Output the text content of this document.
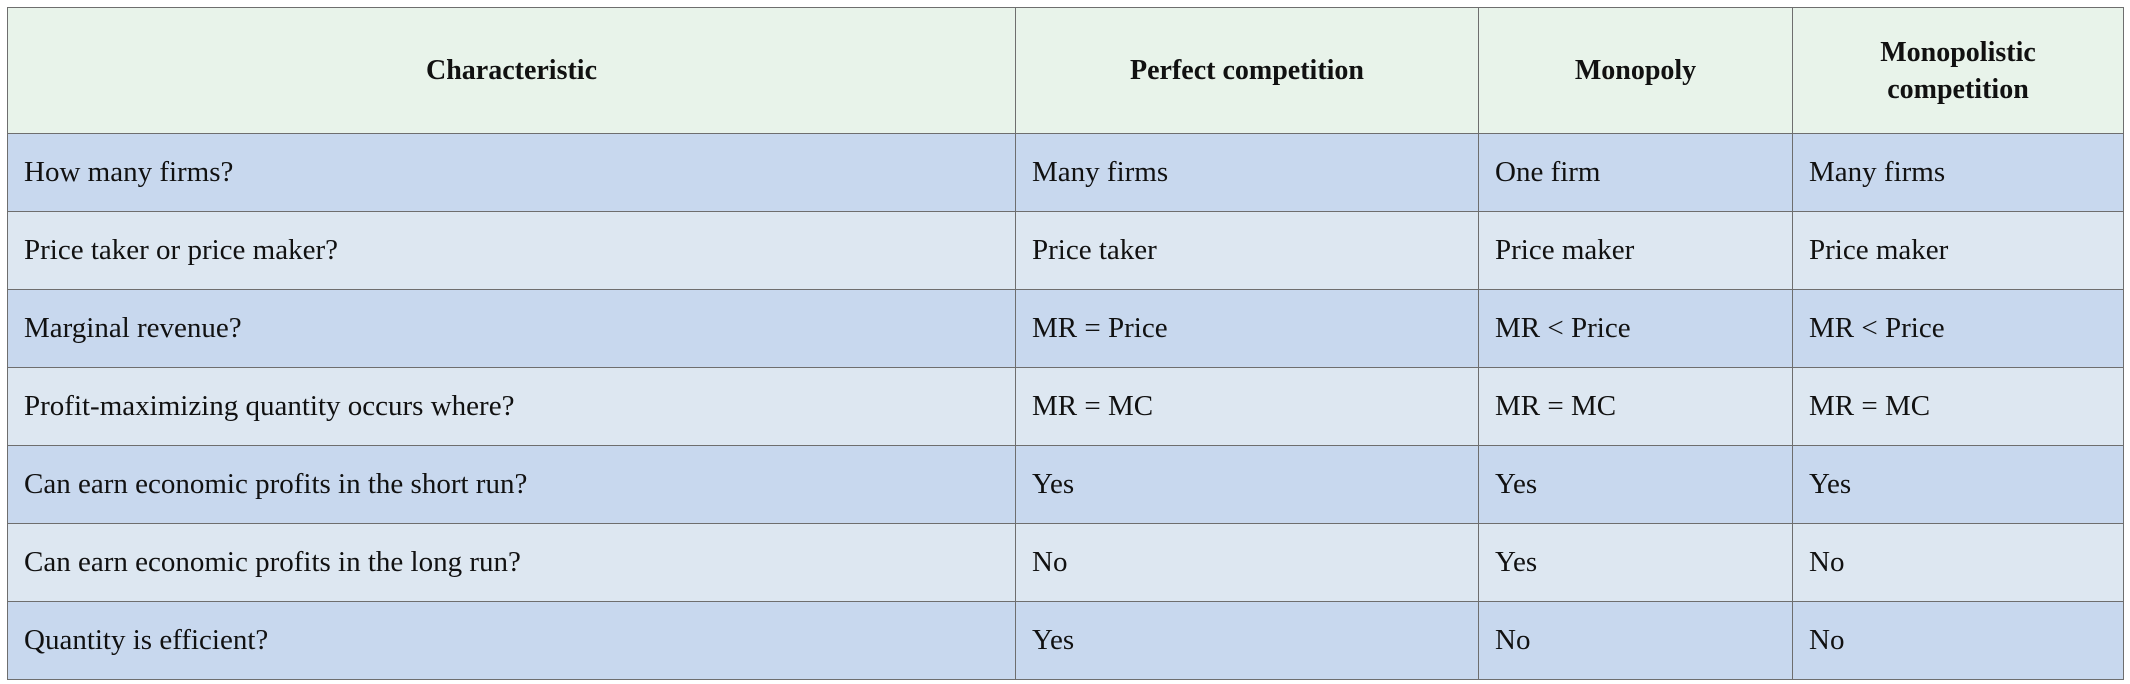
Characteristic	Perfect competition	Monopoly	Monopolistic competition
How many firms?	Many firms	One firm	Many firms
Price taker or price maker?	Price taker	Price maker	Price maker
Marginal revenue?	MR = Price	MR < Price	MR < Price
Profit-maximizing quantity occurs where?	MR = MC	MR = MC	MR = MC
Can earn economic profits in the short run?	Yes	Yes	Yes
Can earn economic profits in the long run?	No	Yes	No
Quantity is efficient?	Yes	No	No
